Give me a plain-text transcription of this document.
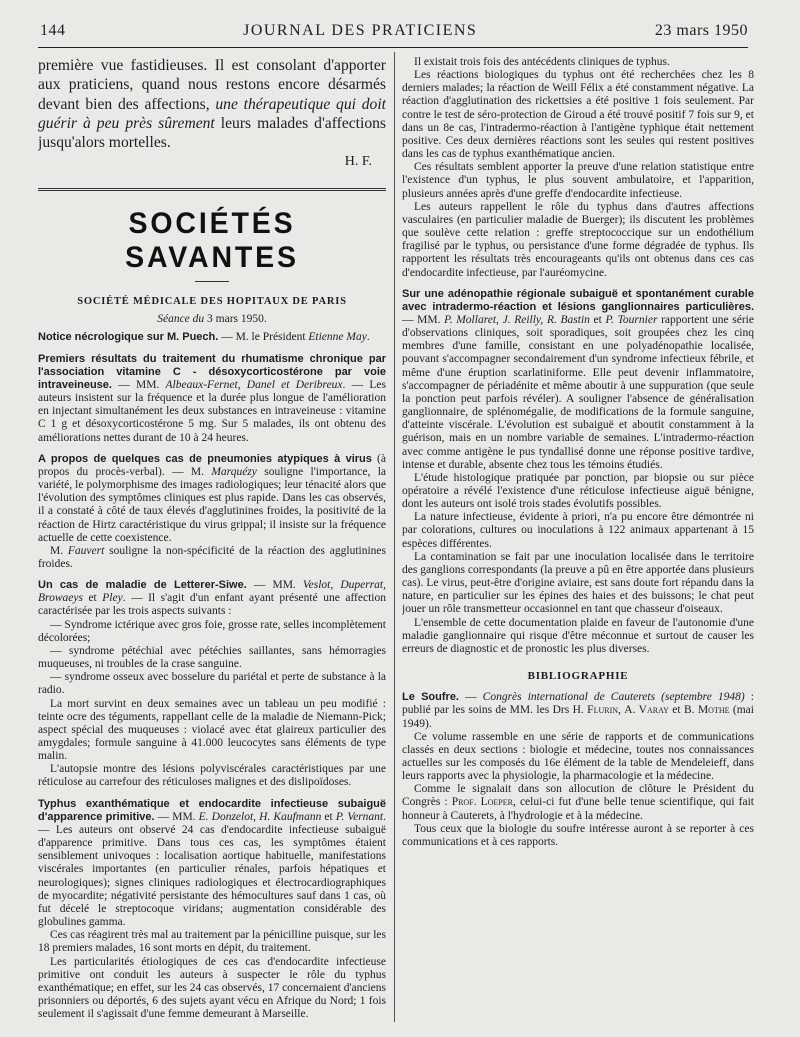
144	JOURNAL DES PRATICIENS	23 mars 1950

première vue fastidieuses. Il est consolant d'apporter aux praticiens, quand nous restons encore désarmés devant bien des affections, une thérapeutique qui doit guérir à peu près sûrement leurs malades d'affections jusqu'alors mortelles.

H. F.
SOCIÉTÉS SAVANTES
SOCIÉTÉ MÉDICALE DES HOPITAUX DE PARIS
Séance du 3 mars 1950.

Notice nécrologique sur M. Puech. — M. le Président Etienne May.

Premiers résultats du traitement du rhumatisme chronique par l'association vitamine C - désoxycorticostérone par voie intraveineuse. — MM. Albeaux-Fernet, Danel et Deribreux. — Les auteurs insistent sur la fréquence et la durée plus longue de l'amélioration en injectant simultanément les deux substances en intraveineuse : vitamine C 1 g et désoxycorticostérone 5 mg. Sur 5 malades, ils ont obtenu des améliorations nettes durant de 10 à 24 heures.

A propos de quelques cas de pneumonies atypiques à virus (à propos du procès-verbal). — M. Marquézy souligne l'importance, la variété, le polymorphisme des images radiologiques; leur ténacité alors que l'évolution des symptômes cliniques est plus rapide. Dans les cas observés, il a constaté à côté de taux élevés d'agglutinines froides, la positivité de la réaction de Hirtz caractéristique du virus grippal; il insiste sur la fréquence actuelle de cette coexistence.

M. Fauvert souligne la non-spécificité de la réaction des agglutinines froides.

Un cas de maladie de Letterer-Siwe. — MM. Veslot, Duperrat, Browaeys et Pley. — Il s'agit d'un enfant ayant présenté une affection caractérisée par les trois aspects suivants :

— Syndrome ictérique avec gros foie, grosse rate, selles incomplètement décolorées;

— syndrome pétéchial avec pétéchies saillantes, sans hémorragies muqueuses, ni troubles de la crase sanguine.

— syndrome osseux avec bosselure du pariétal et perte de substance à la radio.

La mort survint en deux semaines avec un tableau un peu modifié : teinte ocre des téguments, rappellant celle de la maladie de Niemann-Pick; aspect spécial des muqueuses : violacé avec état glaireux particulier des amygdales; formule sanguine à 41.000 leucocytes sans éléments de type malin.

L'autopsie montre des lésions polyviscérales caractéristiques par une réticulose au carrefour des réticuloses malignes et des dislipoïdoses.

Typhus exanthématique et endocardite infectieuse subaiguë d'apparence primitive. — MM. E. Donzelot, H. Kaufmann et P. Vernant. — Les auteurs ont observé 24 cas d'endocardite infectieuse subaiguë d'apparence primitive. Dans tous ces cas, les symptômes étaient sensiblement univoques : localisation aortique habituelle, manifestations viscérales importantes (en particulier rénales, parfois hépatiques et neurologiques); signes cliniques radiologiques et électrocardiographiques de myocardite; négativité persistante des hémocultures sauf dans 1 cas, où fut décelé le streptocoque viridans; augmentation considérable des globulines gamma.

Ces cas réagirent très mal au traitement par la pénicilline puisque, sur les 18 premiers malades, 16 sont morts en dépit, du traitement.

Les particularités étiologiques de ces cas d'endocardite infectieuse primitive ont conduit les auteurs à suspecter le rôle du typhus exanthématique; en effet, sur les 24 cas observés, 17 concernaient d'anciens prisonniers ou déportés, 6 des sujets ayant vécu en Afrique du Nord; 1 fois seulement il s'agissait d'une femme demeurant à Marseille.

Il existait trois fois des antécédents cliniques de typhus.

Les réactions biologiques du typhus ont été recherchées chez les 8 derniers malades; la réaction de Weill Félix a été constamment négative. La réaction d'agglutination des rickettsies a été positive 1 fois seulement. Par contre le test de séro-protection de Giroud a été trouvé positif 7 fois sur 9, et dans un 8e cas, l'intradermo-réaction à l'antigène typhique était nettement positive. Ces deux dernières réactions sont les seules qui restent positives dans les cas de typhus exanthématique ancien.

Ces résultats semblent apporter la preuve d'une relation statistique entre l'existence d'un typhus, le plus souvent ambulatoire, et l'apparition, plusieurs années après d'une greffe d'endocardite infectieuse.

Les auteurs rappellent le rôle du typhus dans d'autres affections vasculaires (en particulier maladie de Buerger); ils discutent les problèmes que soulève cette relation : greffe streptococcique sur un endothélium fragilisé par le typhus, ou persistance d'une forme dégradée de typhus. Ils rapportent les résultats très encourageants qu'ils ont obtenus dans ces cas d'endocardite infectieuse, par l'auréomycine.

Sur une adénopathie régionale subaiguë et spontanément curable avec intradermo-réaction et lésions ganglionnaires particulières. — MM. P. Mollaret, J. Reilly, R. Bastin et P. Tournier rapportent une série d'observations cliniques, soit sporadiques, soit groupées chez les cinq membres d'une famille, consistant en une polyadénopathie localisée, pouvant s'accompagner secondairement d'un syndrome infectieux fébrile, et même d'une éruption scarlatiniforme. Elle peut devenir inflammatoire, s'accompagner de périadénite et même aboutir à une suppuration (que seule la ponction peut parfois révéler). A souligner l'absence de généralisation ganglionnaire, de splénomégalie, de modifications de la formule sanguine, d'atteinte viscérale. L'évolution est subaiguë et aboutit constamment à la guérison, mais en un nombre variable de semaines. L'intradermo-réaction avec comme antigène le pus tyndallisé donne une réponse positive tardive, intense et durable, absente chez tous les témoins étudiés.

L'étude histologique pratiquée par ponction, par biopsie ou sur pièce opératoire a révélé l'existence d'une réticulose infectieuse aiguë bénigne, dont les auteurs ont isolé trois stades évolutifs possibles.

La nature infectieuse, évidente à priori, n'a pu encore être démontrée ni par colorations, cultures ou inoculations à 122 animaux appartenant à 15 espèces différentes.

La contamination se fait par une inoculation localisée dans le territoire des ganglions correspondants (la preuve a pû en être apportée dans plusieurs cas). Le virus, peut-être d'origine aviaire, est sans doute fort répandu dans la nature, en particulier sur les épines des haies et des buissons; le chat peut jouer un rôle transmetteur occasionnel en tant que chasseur d'oiseaux.

L'ensemble de cette documentation plaide en faveur de l'autonomie d'une maladie ganglionnaire qui risque d'être méconnue et surtout de causer les erreurs de diagnostic et de pronostic les plus diverses.

BIBLIOGRAPHIE

Le Soufre. — Congrès international de Cauterets (septembre 1948) : publié par les soins de MM. les Drs H. Flurin, A. Varay et B. Mothe (mai 1949).

Ce volume rassemble en une série de rapports et de communications classés en deux sections : biologie et médecine, toutes nos connaissances actuelles sur les composés du 16e élément de la table de Mendeleieff, dans leurs rapports avec la physiologie, la pharmacologie et la médecine.

Comme le signalait dans son allocution de clôture le Président du Congrès : Prof. Loeper, celui-ci fut d'une belle tenue scientifique, qui fait honneur à Cauterets, à l'hydrologie et à la médecine.

Tous ceux que la biologie du soufre intéresse auront à se reporter à ces communications et à ces rapports.
